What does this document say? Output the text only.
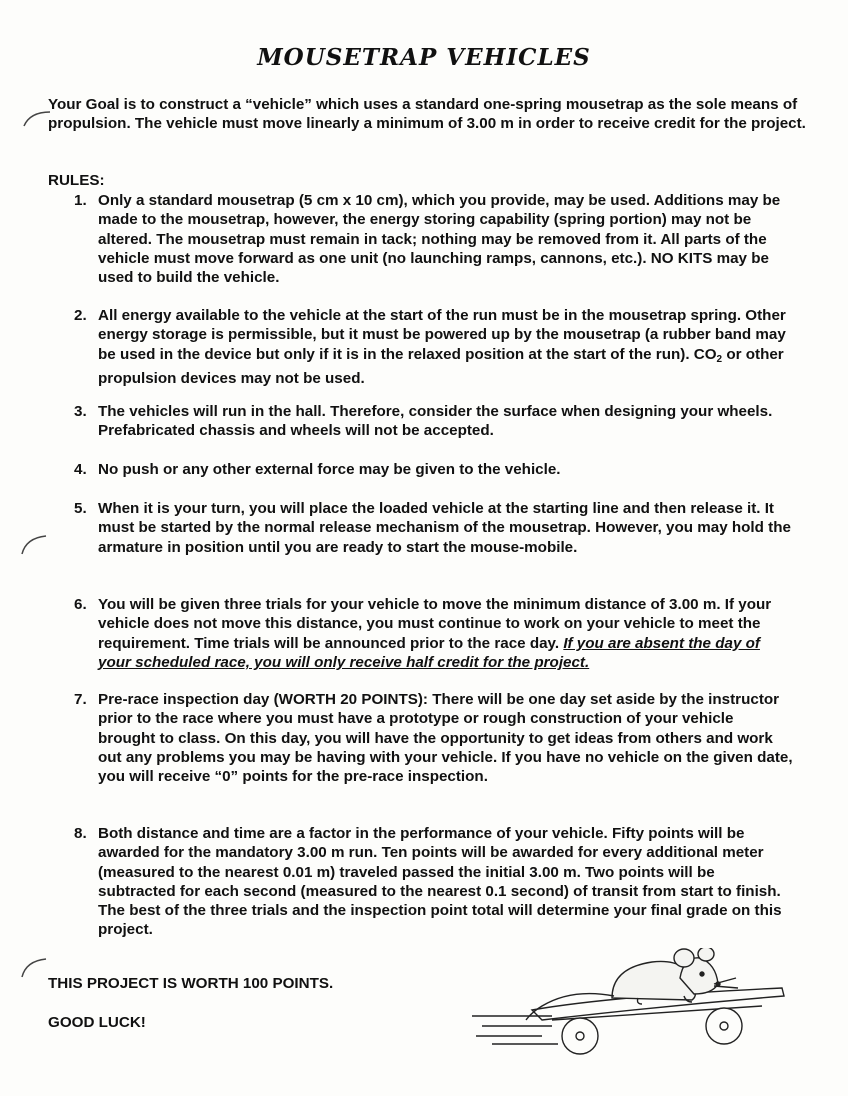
MOUSETRAP VEHICLES
Your Goal is to construct a “vehicle” which uses a standard one-spring mousetrap as the sole means of propulsion. The vehicle must move linearly a minimum of 3.00 m in order to receive credit for the project.
RULES:
1. Only a standard mousetrap (5 cm x 10 cm), which you provide, may be used. Additions may be made to the mousetrap, however, the energy storing capability (spring portion) may not be altered. The mousetrap must remain in tack; nothing may be removed from it. All parts of the vehicle must move forward as one unit (no launching ramps, cannons, etc.). NO KITS may be used to build the vehicle.
2. All energy available to the vehicle at the start of the run must be in the mousetrap spring. Other energy storage is permissible, but it must be powered up by the mousetrap (a rubber band may be used in the device but only if it is in the relaxed position at the start of the run). $CO_2$ or other propulsion devices may not be used.
3. The vehicles will run in the hall. Therefore, consider the surface when designing your wheels. Prefabricated chassis and wheels will not be accepted.
4. No push or any other external force may be given to the vehicle.
5. When it is your turn, you will place the loaded vehicle at the starting line and then release it. It must be started by the normal release mechanism of the mousetrap. However, you may hold the armature in position until you are ready to start the mouse-mobile.
6. You will be given three trials for your vehicle to move the minimum distance of 3.00 m. If your vehicle does not move this distance, you must continue to work on your vehicle to meet the requirement. Time trials will be announced prior to the race day. If you are absent the day of your scheduled race, you will only receive half credit for the project.
7. Pre-race inspection day (WORTH 20 POINTS): There will be one day set aside by the instructor prior to the race where you must have a prototype or rough construction of your vehicle brought to class. On this day, you will have the opportunity to get ideas from others and work out any problems you may be having with your vehicle. If you have no vehicle on the given date, you will receive “0” points for the pre-race inspection.
8. Both distance and time are a factor in the performance of your vehicle. Fifty points will be awarded for the mandatory 3.00 m run. Ten points will be awarded for every additional meter (measured to the nearest 0.01 m) traveled passed the initial 3.00 m. Two points will be subtracted for each second (measured to the nearest 0.1 second) of transit from start to finish. The best of the three trials and the inspection point total will determine your final grade on this project.
THIS PROJECT IS WORTH 100 POINTS.
GOOD LUCK!
